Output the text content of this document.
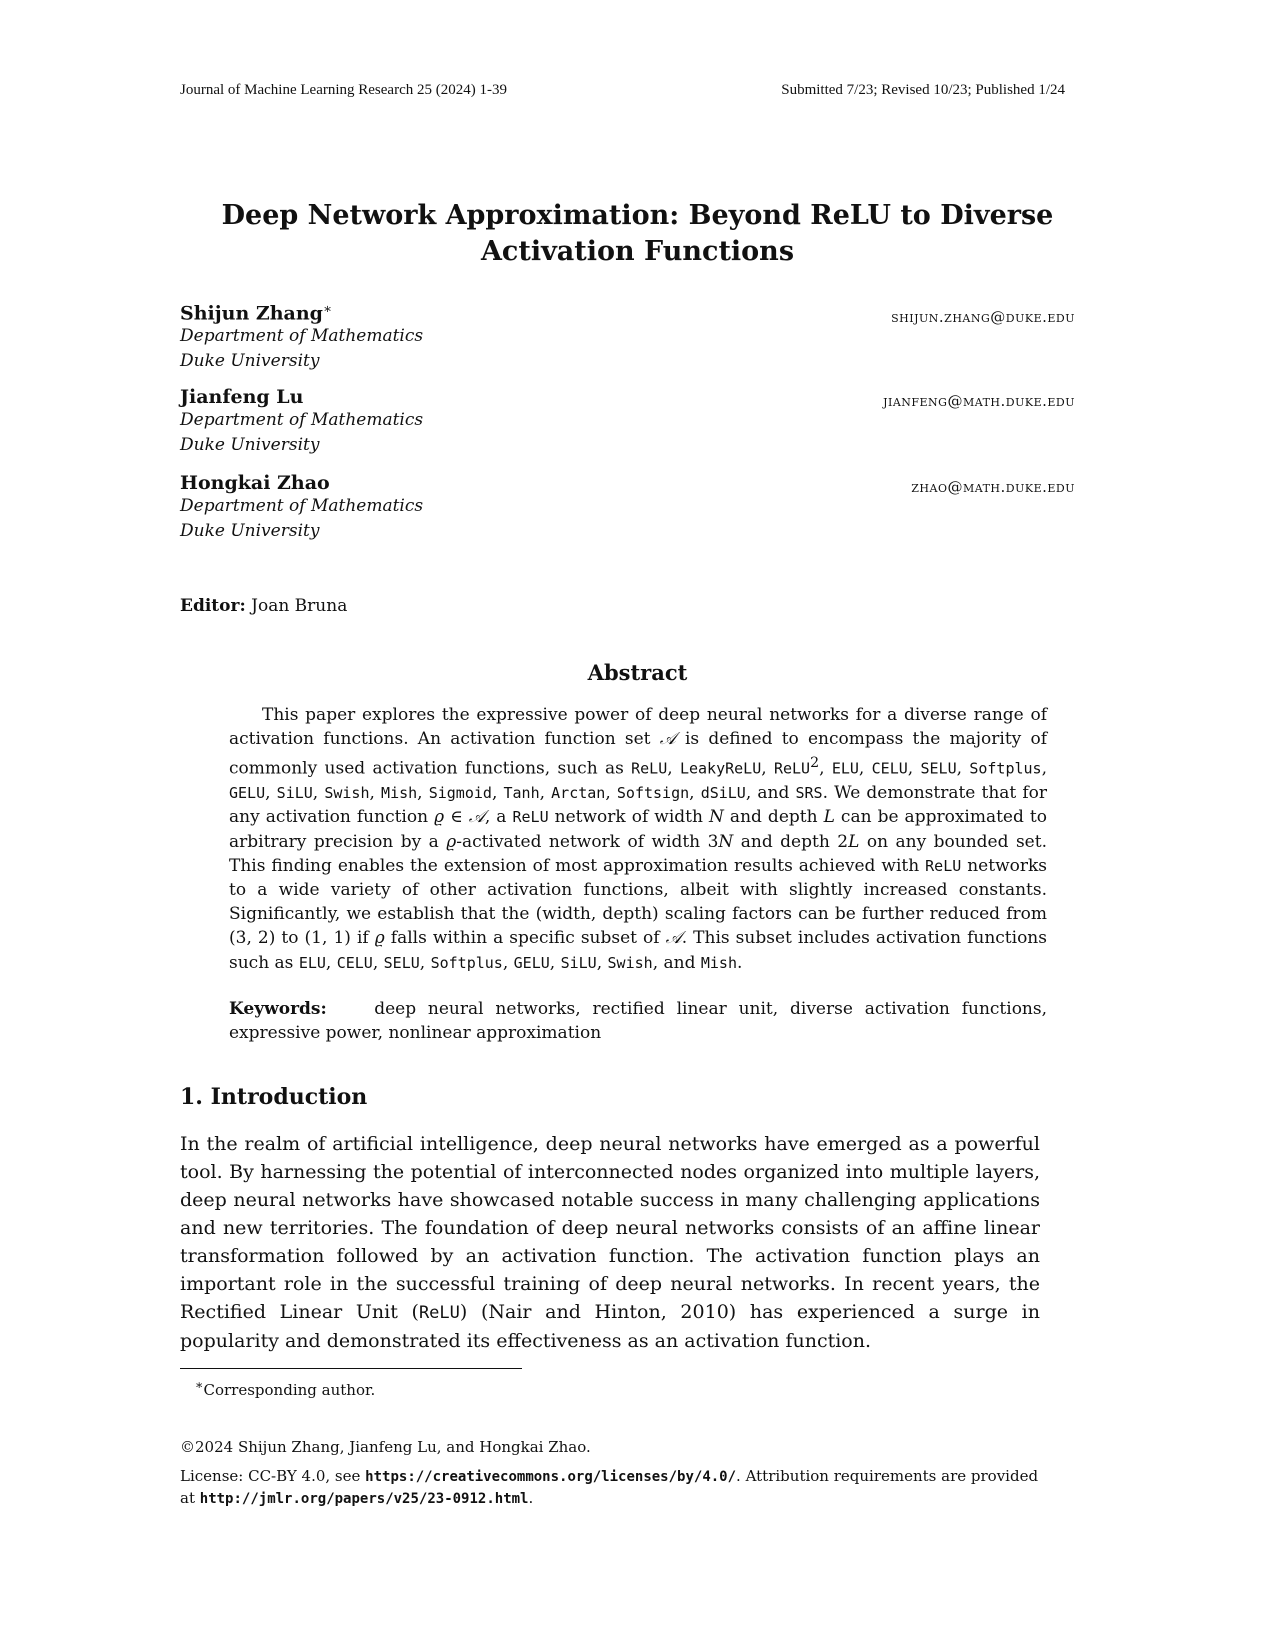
Journal of Machine Learning Research 25 (2024) 1-39	Submitted 7/23; Revised 10/23; Published 1/24
Deep Network Approximation: Beyond ReLU to Diverse
Activation Functions
Shijun Zhang∗
Department of Mathematics
Duke University
shijun.zhang@duke.edu
Jianfeng Lu
Department of Mathematics
Duke University
jianfeng@math.duke.edu
Hongkai Zhao
Department of Mathematics
Duke University
zhao@math.duke.edu
Editor: Joan Bruna
Abstract
This paper explores the expressive power of deep neural networks for a diverse range of activation functions. An activation function set 𝒜 is defined to encompass the majority of commonly used activation functions, such as ReLU, LeakyReLU, ReLU$^2$, ELU, CELU, SELU, Softplus, GELU, SiLU, Swish, Mish, Sigmoid, Tanh, Arctan, Softsign, dSiLU, and SRS. We demonstrate that for any activation function ϱ ∈ 𝒜, a ReLU network of width N and depth L can be approximated to arbitrary precision by a ϱ-activated network of width 3N and depth 2L on any bounded set. This finding enables the extension of most approximation results achieved with ReLU networks to a wide variety of other activation functions, albeit with slightly increased constants. Significantly, we establish that the (width, depth) scaling factors can be further reduced from (3, 2) to (1, 1) if ϱ falls within a specific subset of 𝒜. This subset includes activation functions such as ELU, CELU, SELU, Softplus, GELU, SiLU, Swish, and Mish.
Keywords:	deep neural networks, rectified linear unit, diverse activation functions, expressive power, nonlinear approximation
1. Introduction
In the realm of artificial intelligence, deep neural networks have emerged as a powerful tool. By harnessing the potential of interconnected nodes organized into multiple layers, deep neural networks have showcased notable success in many challenging applications and new territories. The foundation of deep neural networks consists of an affine linear transformation followed by an activation function. The activation function plays an important role in the successful training of deep neural networks. In recent years, the Rectified Linear Unit (ReLU) (Nair and Hinton, 2010) has experienced a surge in popularity and demonstrated its effectiveness as an activation function.
∗Corresponding author.
©2024 Shijun Zhang, Jianfeng Lu, and Hongkai Zhao.
License: CC-BY 4.0, see https://creativecommons.org/licenses/by/4.0/. Attribution requirements are provided at http://jmlr.org/papers/v25/23-0912.html.
